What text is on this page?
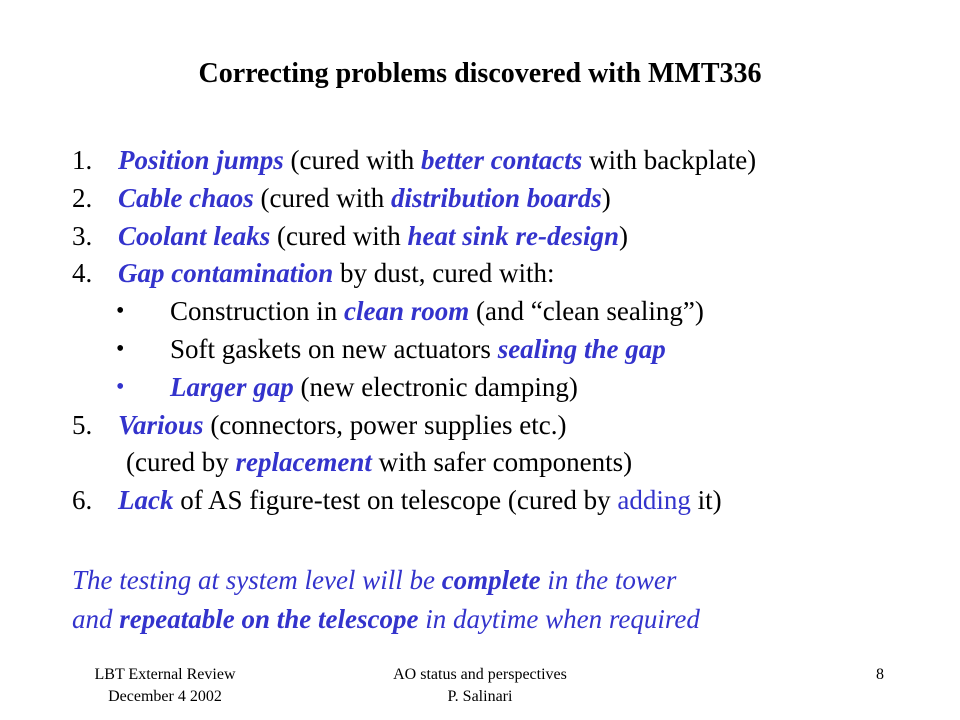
Correcting problems discovered with MMT336
1. Position jumps (cured with better contacts with backplate)
2. Cable chaos (cured with distribution boards)
3. Coolant leaks (cured with heat sink re-design)
4. Gap contamination by dust, cured with:
• Construction in clean room (and “clean sealing”)
• Soft gaskets on new actuators sealing the gap
• Larger gap (new electronic damping)
5. Various (connectors, power supplies etc.)
(cured by replacement with safer components)
6. Lack of AS figure-test on telescope (cured by adding it)
The testing at system level will be complete in the tower
and repeatable on the telescope in daytime when required
LBT External Review
December 4 2002
AO status and perspectives
P. Salinari
8
